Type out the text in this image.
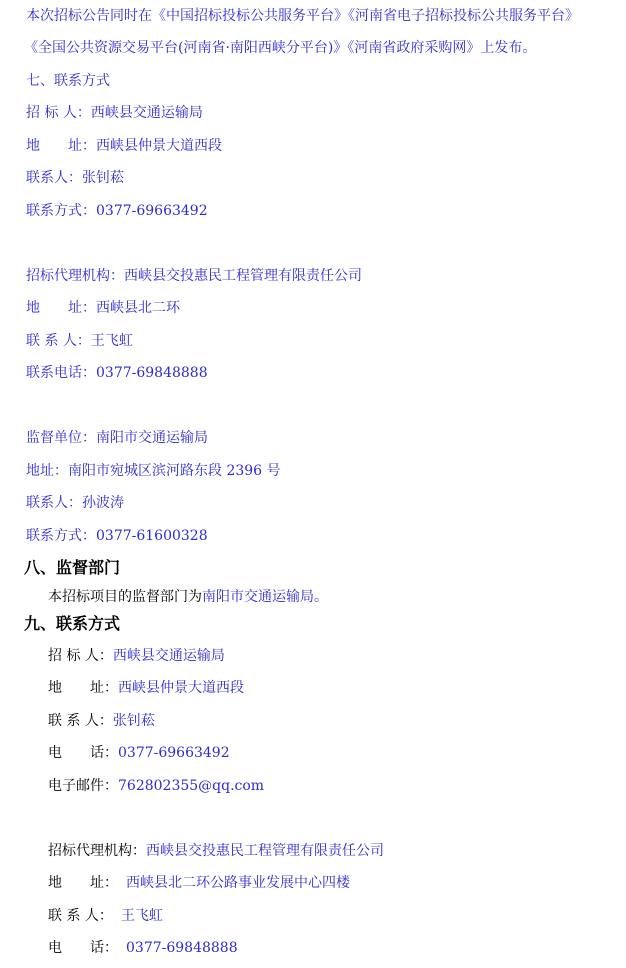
本次招标公告同时在《中国招标投标公共服务平台》《河南省电子招标投标公共服务平台》
《全国公共资源交易平台(河南省·南阳西峡分平台)》《河南省政府采购网》上发布。
七、联系方式
招 标 人：西峡县交通运输局
地　　址：西峡县仲景大道西段
联系人：张钊菘
联系方式：0377-69663492
招标代理机构：西峡县交投惠民工程管理有限责任公司
地　　址：西峡县北二环
联 系 人：王飞虹
联系电话：0377-69848888
监督单位：南阳市交通运输局
地址：南阳市宛城区滨河路东段 2396 号
联系人：孙波涛
联系方式：0377-61600328
八、监督部门
本招标项目的监督部门为南阳市交通运输局。
九、联系方式
招 标 人：西峡县交通运输局
地　　址：西峡县仲景大道西段
联 系 人：张钊菘
电　　话：0377-69663492
电子邮件：762802355@qq.com
招标代理机构：西峡县交投惠民工程管理有限责任公司
地　　址： 西峡县北二环公路事业发展中心四楼
联 系 人： 王飞虹
电　　话： 0377-69848888
